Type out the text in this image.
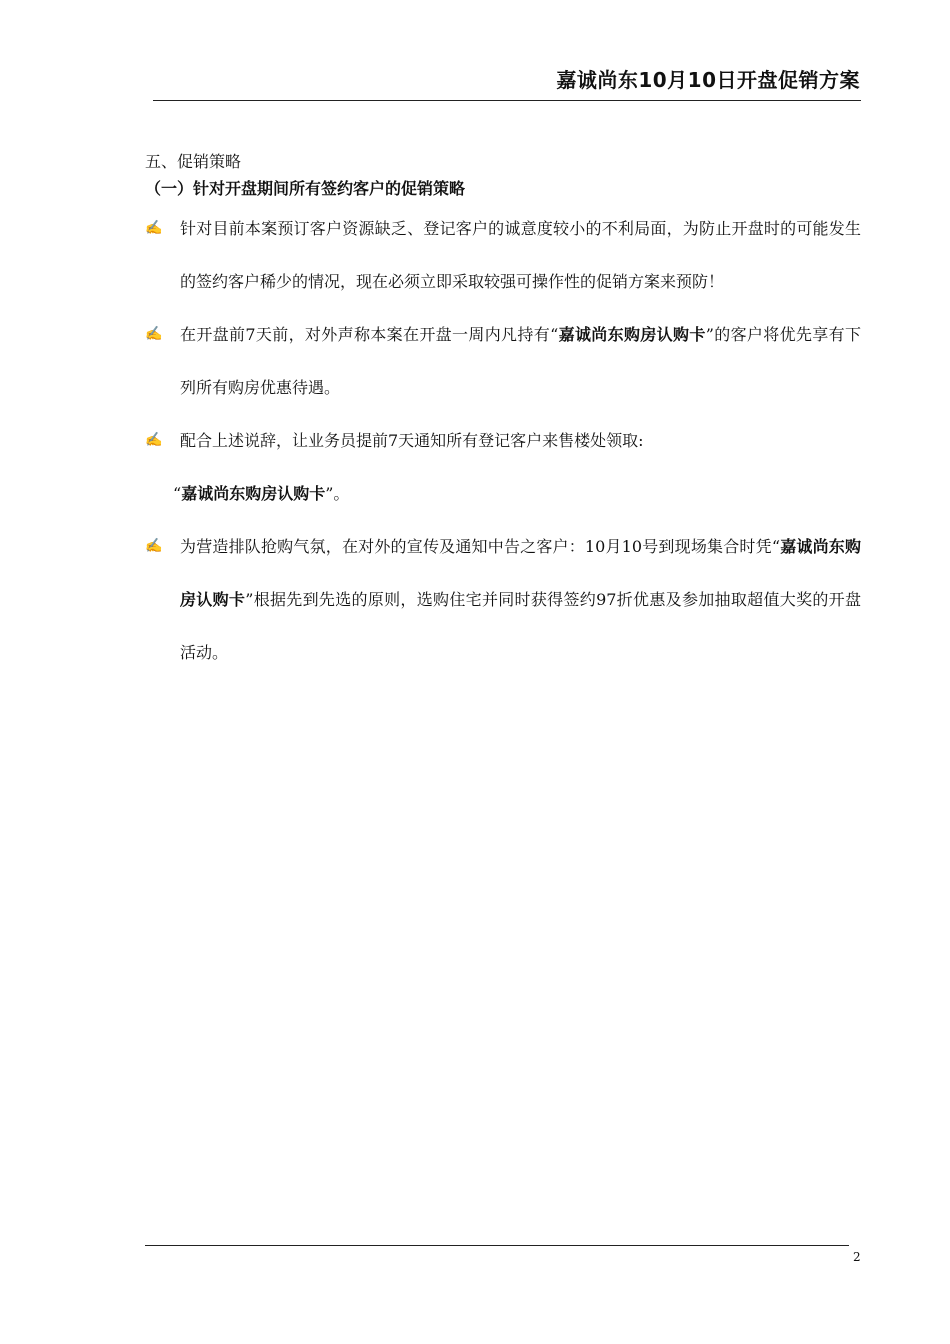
嘉诚尚东10月10日开盘促销方案
五、促销策略
（一）针对开盘期间所有签约客户的促销策略
✍ 针对目前本案预订客户资源缺乏、登记客户的诚意度较小的不利局面，为防止开盘时的可能发生的签约客户稀少的情况，现在必须立即采取较强可操作性的促销方案来预防！
✍ 在开盘前7天前，对外声称本案在开盘一周内凡持有“嘉诚尚东购房认购卡”的客户将优先享有下列所有购房优惠待遇。
✍ 配合上述说辞，让业务员提前7天通知所有登记客户来售楼处领取:
“嘉诚尚东购房认购卡”。
✍ 为营造排队抢购气氛，在对外的宣传及通知中告之客户：10月10号到现场集合时凭“嘉诚尚东购房认购卡”根据先到先选的原则，选购住宅并同时获得签约97折优惠及参加抽取超值大奖的开盘活动。
2
